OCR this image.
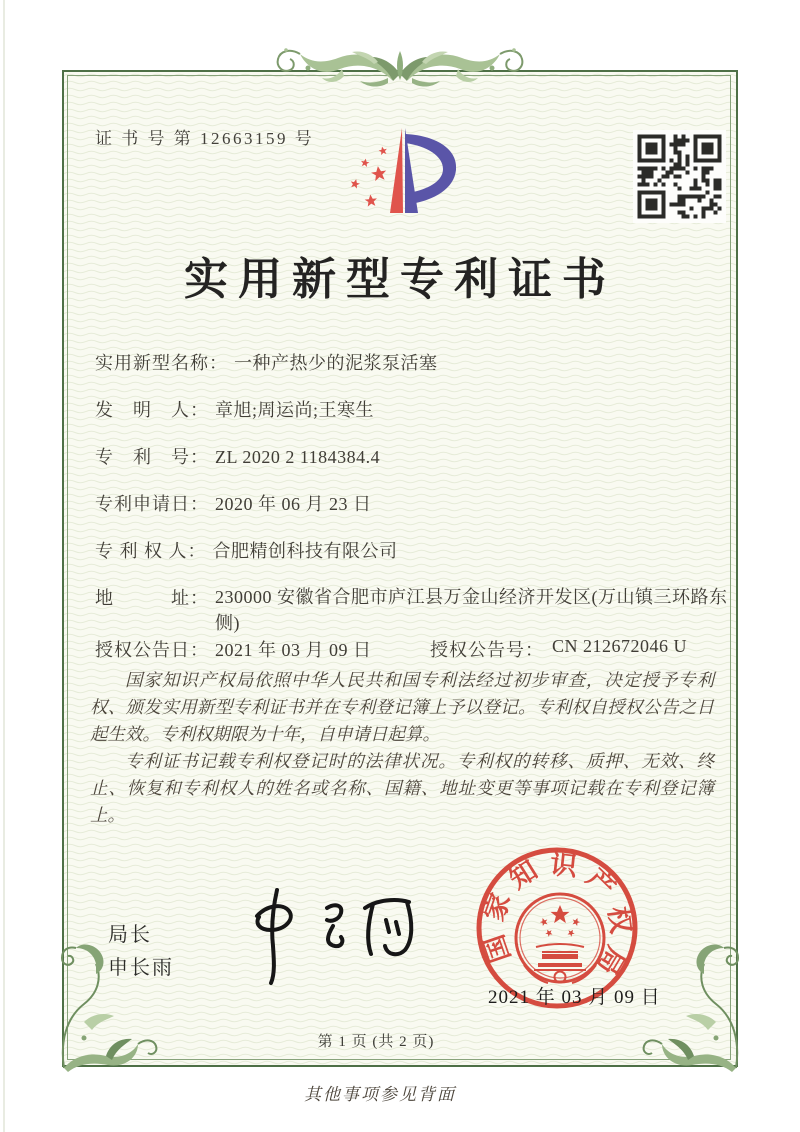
证 书 号 第 12663159 号
实用新型专利证书
实用新型名称： 一种产热少的泥浆泵活塞
发　明　人： 章旭;周运尚;王寒生
专　利　号： ZL 2020 2 1184384.4
专利申请日： 2020 年 06 月 23 日
专 利 权 人： 合肥精创科技有限公司
地　　　址： 230000 安徽省合肥市庐江县万金山经济开发区(万山镇三环路东侧)
授权公告日： 2021 年 03 月 09 日	授权公告号： CN 212672046 U

国家知识产权局依照中华人民共和国专利法经过初步审查，决定授予专利权、颁发实用新型专利证书并在专利登记簿上予以登记。专利权自授权公告之日起生效。专利权期限为十年，自申请日起算。

专利证书记载专利权登记时的法律状况。专利权的转移、质押、无效、终止、恢复和专利权人的姓名或名称、国籍、地址变更等事项记载在专利登记簿上。

局长
申长雨
国
家
知 识 产
权
局
2021 年 03 月 09 日
第 1 页 (共 2 页)
其他事项参见背面
